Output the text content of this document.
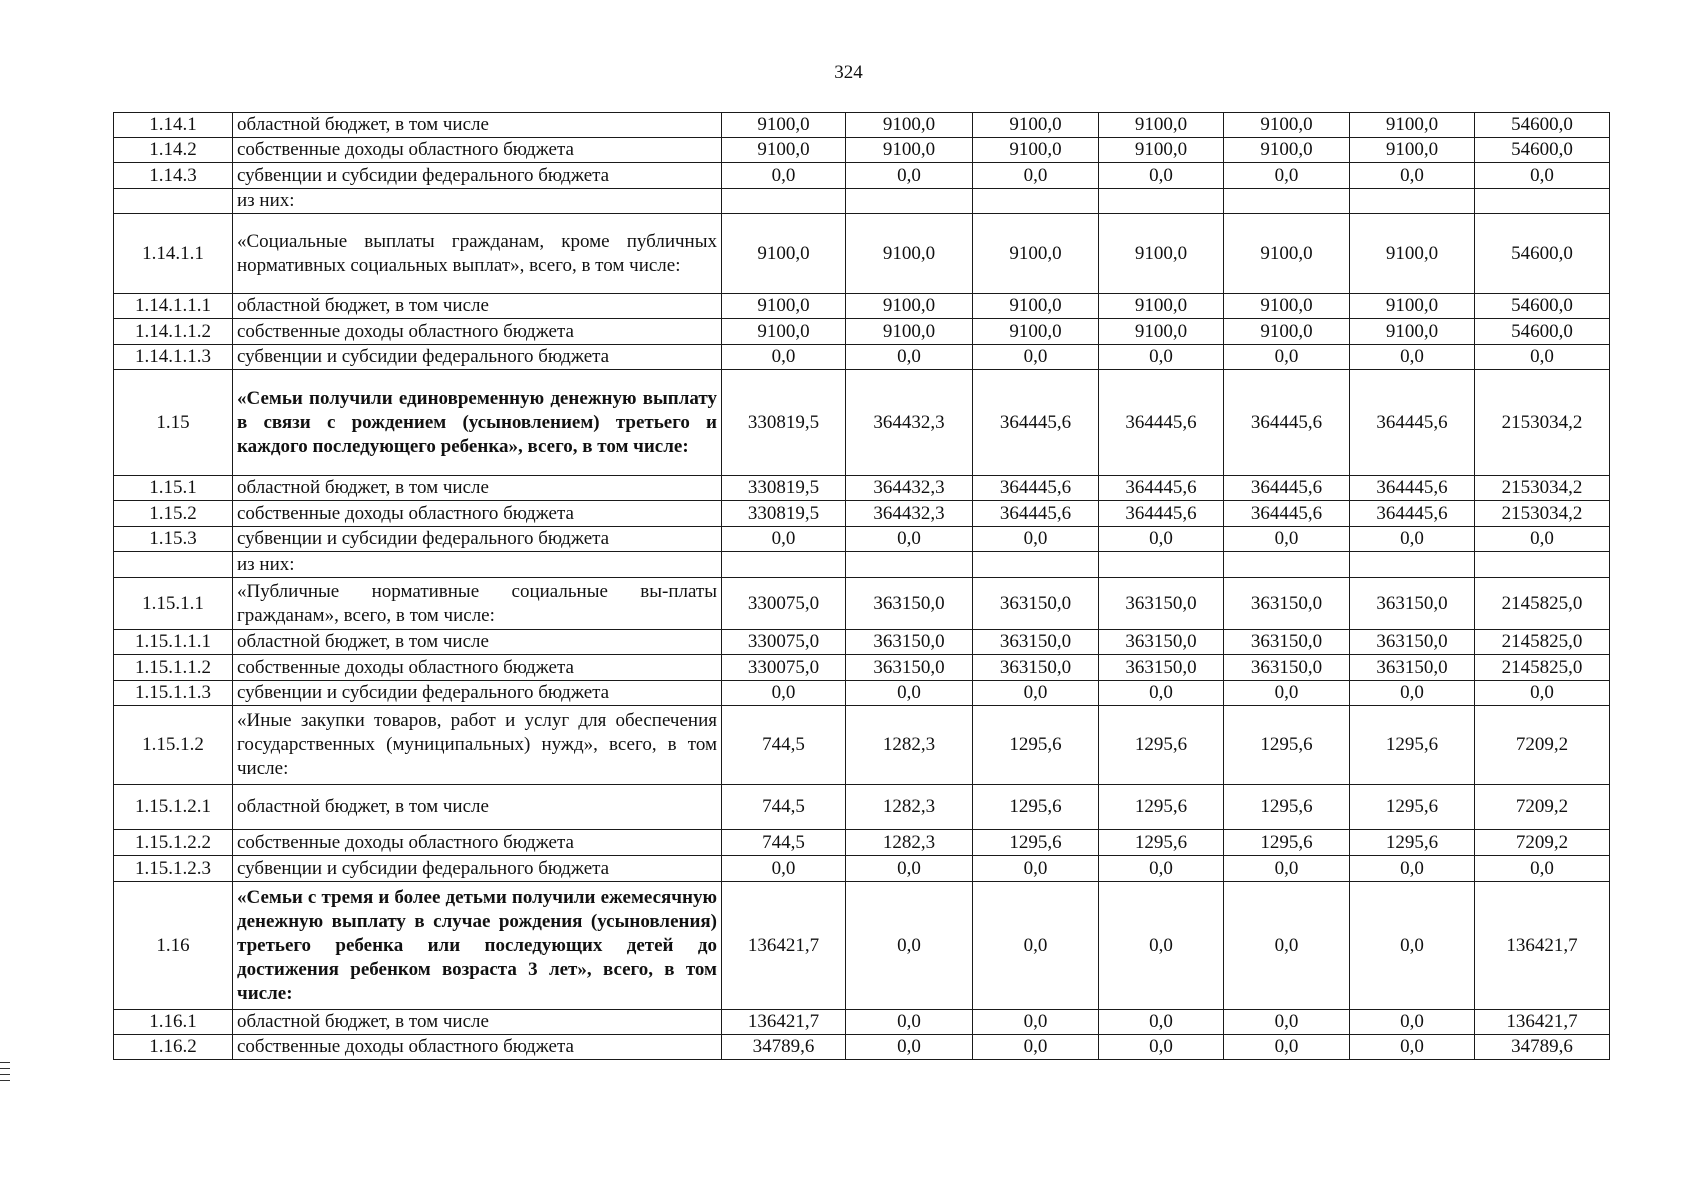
324
1.14.1	областной бюджет, в том числе	9100,0	9100,0	9100,0	9100,0	9100,0	9100,0	54600,0
1.14.2	собственные доходы областного бюджета	9100,0	9100,0	9100,0	9100,0	9100,0	9100,0	54600,0
1.14.3	субвенции и субсидии федерального бюджета	0,0	0,0	0,0	0,0	0,0	0,0	0,0
	из них:							
1.14.1.1	«Социальные выплаты гражданам, кроме публичных нормативных социальных выплат», всего, в том числе:	9100,0	9100,0	9100,0	9100,0	9100,0	9100,0	54600,0
1.14.1.1.1	областной бюджет, в том числе	9100,0	9100,0	9100,0	9100,0	9100,0	9100,0	54600,0
1.14.1.1.2	собственные доходы областного бюджета	9100,0	9100,0	9100,0	9100,0	9100,0	9100,0	54600,0
1.14.1.1.3	субвенции и субсидии федерального бюджета	0,0	0,0	0,0	0,0	0,0	0,0	0,0
1.15	«Семьи получили единовременную денежную выплату в связи с рождением (усыновлением) третьего и каждого последующего ребенка», всего, в том числе:	330819,5	364432,3	364445,6	364445,6	364445,6	364445,6	2153034,2
1.15.1	областной бюджет, в том числе	330819,5	364432,3	364445,6	364445,6	364445,6	364445,6	2153034,2
1.15.2	собственные доходы областного бюджета	330819,5	364432,3	364445,6	364445,6	364445,6	364445,6	2153034,2
1.15.3	субвенции и субсидии федерального бюджета	0,0	0,0	0,0	0,0	0,0	0,0	0,0
	из них:							
1.15.1.1	«Публичные нормативные социальные вы-платы гражданам», всего, в том числе:	330075,0	363150,0	363150,0	363150,0	363150,0	363150,0	2145825,0
1.15.1.1.1	областной бюджет, в том числе	330075,0	363150,0	363150,0	363150,0	363150,0	363150,0	2145825,0
1.15.1.1.2	собственные доходы областного бюджета	330075,0	363150,0	363150,0	363150,0	363150,0	363150,0	2145825,0
1.15.1.1.3	субвенции и субсидии федерального бюджета	0,0	0,0	0,0	0,0	0,0	0,0	0,0
1.15.1.2	«Иные закупки товаров, работ и услуг для обеспечения государственных (муниципальных) нужд», всего, в том числе:	744,5	1282,3	1295,6	1295,6	1295,6	1295,6	7209,2
1.15.1.2.1	областной бюджет, в том числе	744,5	1282,3	1295,6	1295,6	1295,6	1295,6	7209,2
1.15.1.2.2	собственные доходы областного бюджета	744,5	1282,3	1295,6	1295,6	1295,6	1295,6	7209,2
1.15.1.2.3	субвенции и субсидии федерального бюджета	0,0	0,0	0,0	0,0	0,0	0,0	0,0
1.16	«Семьи с тремя и более детьми получили ежемесячную денежную выплату в случае рождения (усыновления) третьего ребенка или последующих детей до достижения ребенком возраста 3 лет», всего, в том числе:	136421,7	0,0	0,0	0,0	0,0	0,0	136421,7
1.16.1	областной бюджет, в том числе	136421,7	0,0	0,0	0,0	0,0	0,0	136421,7
1.16.2	собственные доходы областного бюджета	34789,6	0,0	0,0	0,0	0,0	0,0	34789,6
